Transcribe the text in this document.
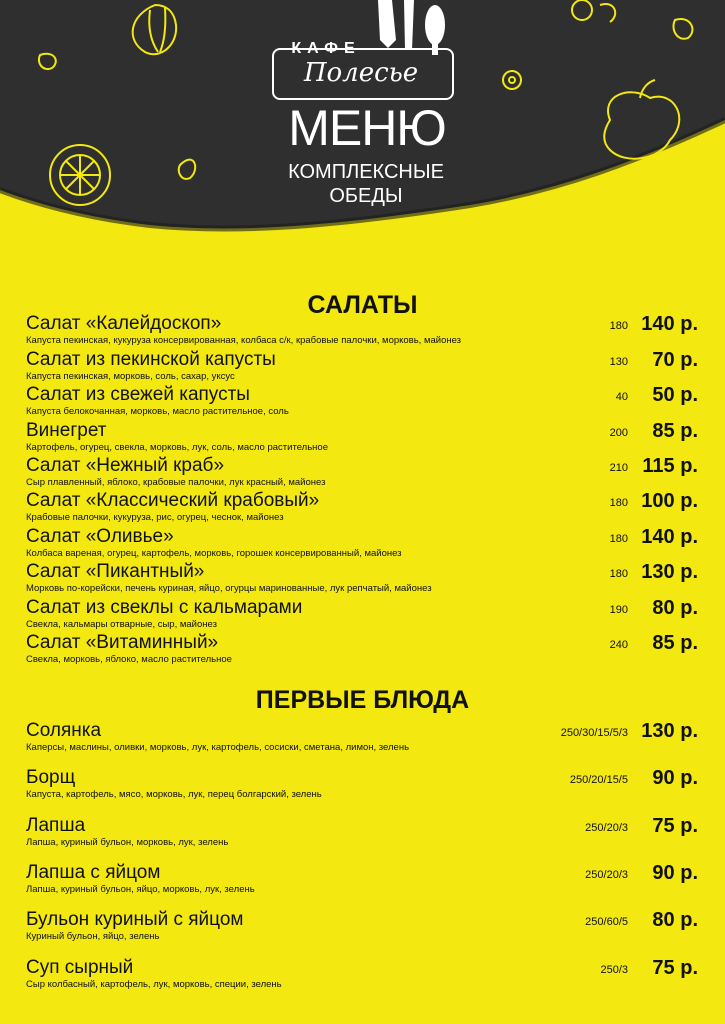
КАФЕ
Полесье
МЕНЮ
КОМПЛЕКСНЫЕ
ОБЕДЫ
САЛАТЫ
Салат «Калейдоскоп»
Капуста пекинская, кукуруза консервированная, колбаса с/к, крабовые палочки, морковь, майонез
180 140 р.
Салат из пекинской капусты
Капуста пекинская, морковь, соль, сахар, уксус
130 70 р.
Салат из свежей капусты
Капуста белокочанная, морковь, масло растительное, соль
40 50 р.
Винегрет
Картофель, огурец, свекла, морковь, лук, соль, масло растительное
200 85 р.
Салат «Нежный краб»
Сыр плавленный, яблоко, крабовые палочки, лук красный, майонез
210 115 р.
Салат «Классический крабовый»
Крабовые палочки, кукуруза, рис, огурец, чеснок, майонез
180 100 р.
Салат «Оливье»
Колбаса вареная, огурец, картофель, морковь, горошек консервированный, майонез
180 140 р.
Салат «Пикантный»
Морковь по-корейски, печень куриная, яйцо, огурцы маринованные, лук репчатый, майонез
180 130 р.
Салат из свеклы с кальмарами
Свекла, кальмары отварные, сыр, майонез
190 80 р.
Салат «Витаминный»
Свекла, морковь, яблоко, масло растительное
240 85 р.
ПЕРВЫЕ БЛЮДА
Солянка
Каперсы, маслины, оливки, морковь, лук, картофель, сосиски, сметана, лимон, зелень
250/30/15/5/3 130 р.
Борщ
Капуста, картофель, мясо, морковь, лук, перец болгарский, зелень
250/20/15/5 90 р.
Лапша
Лапша, куриный бульон, морковь, лук, зелень
250/20/3 75 р.
Лапша с яйцом
Лапша, куриный бульон, яйцо, морковь, лук, зелень
250/20/3 90 р.
Бульон куриный с яйцом
Куриный бульон, яйцо, зелень
250/60/5 80 р.
Суп сырный
Сыр колбасный, картофель, лук, морковь, специи, зелень
250/3 75 р.
